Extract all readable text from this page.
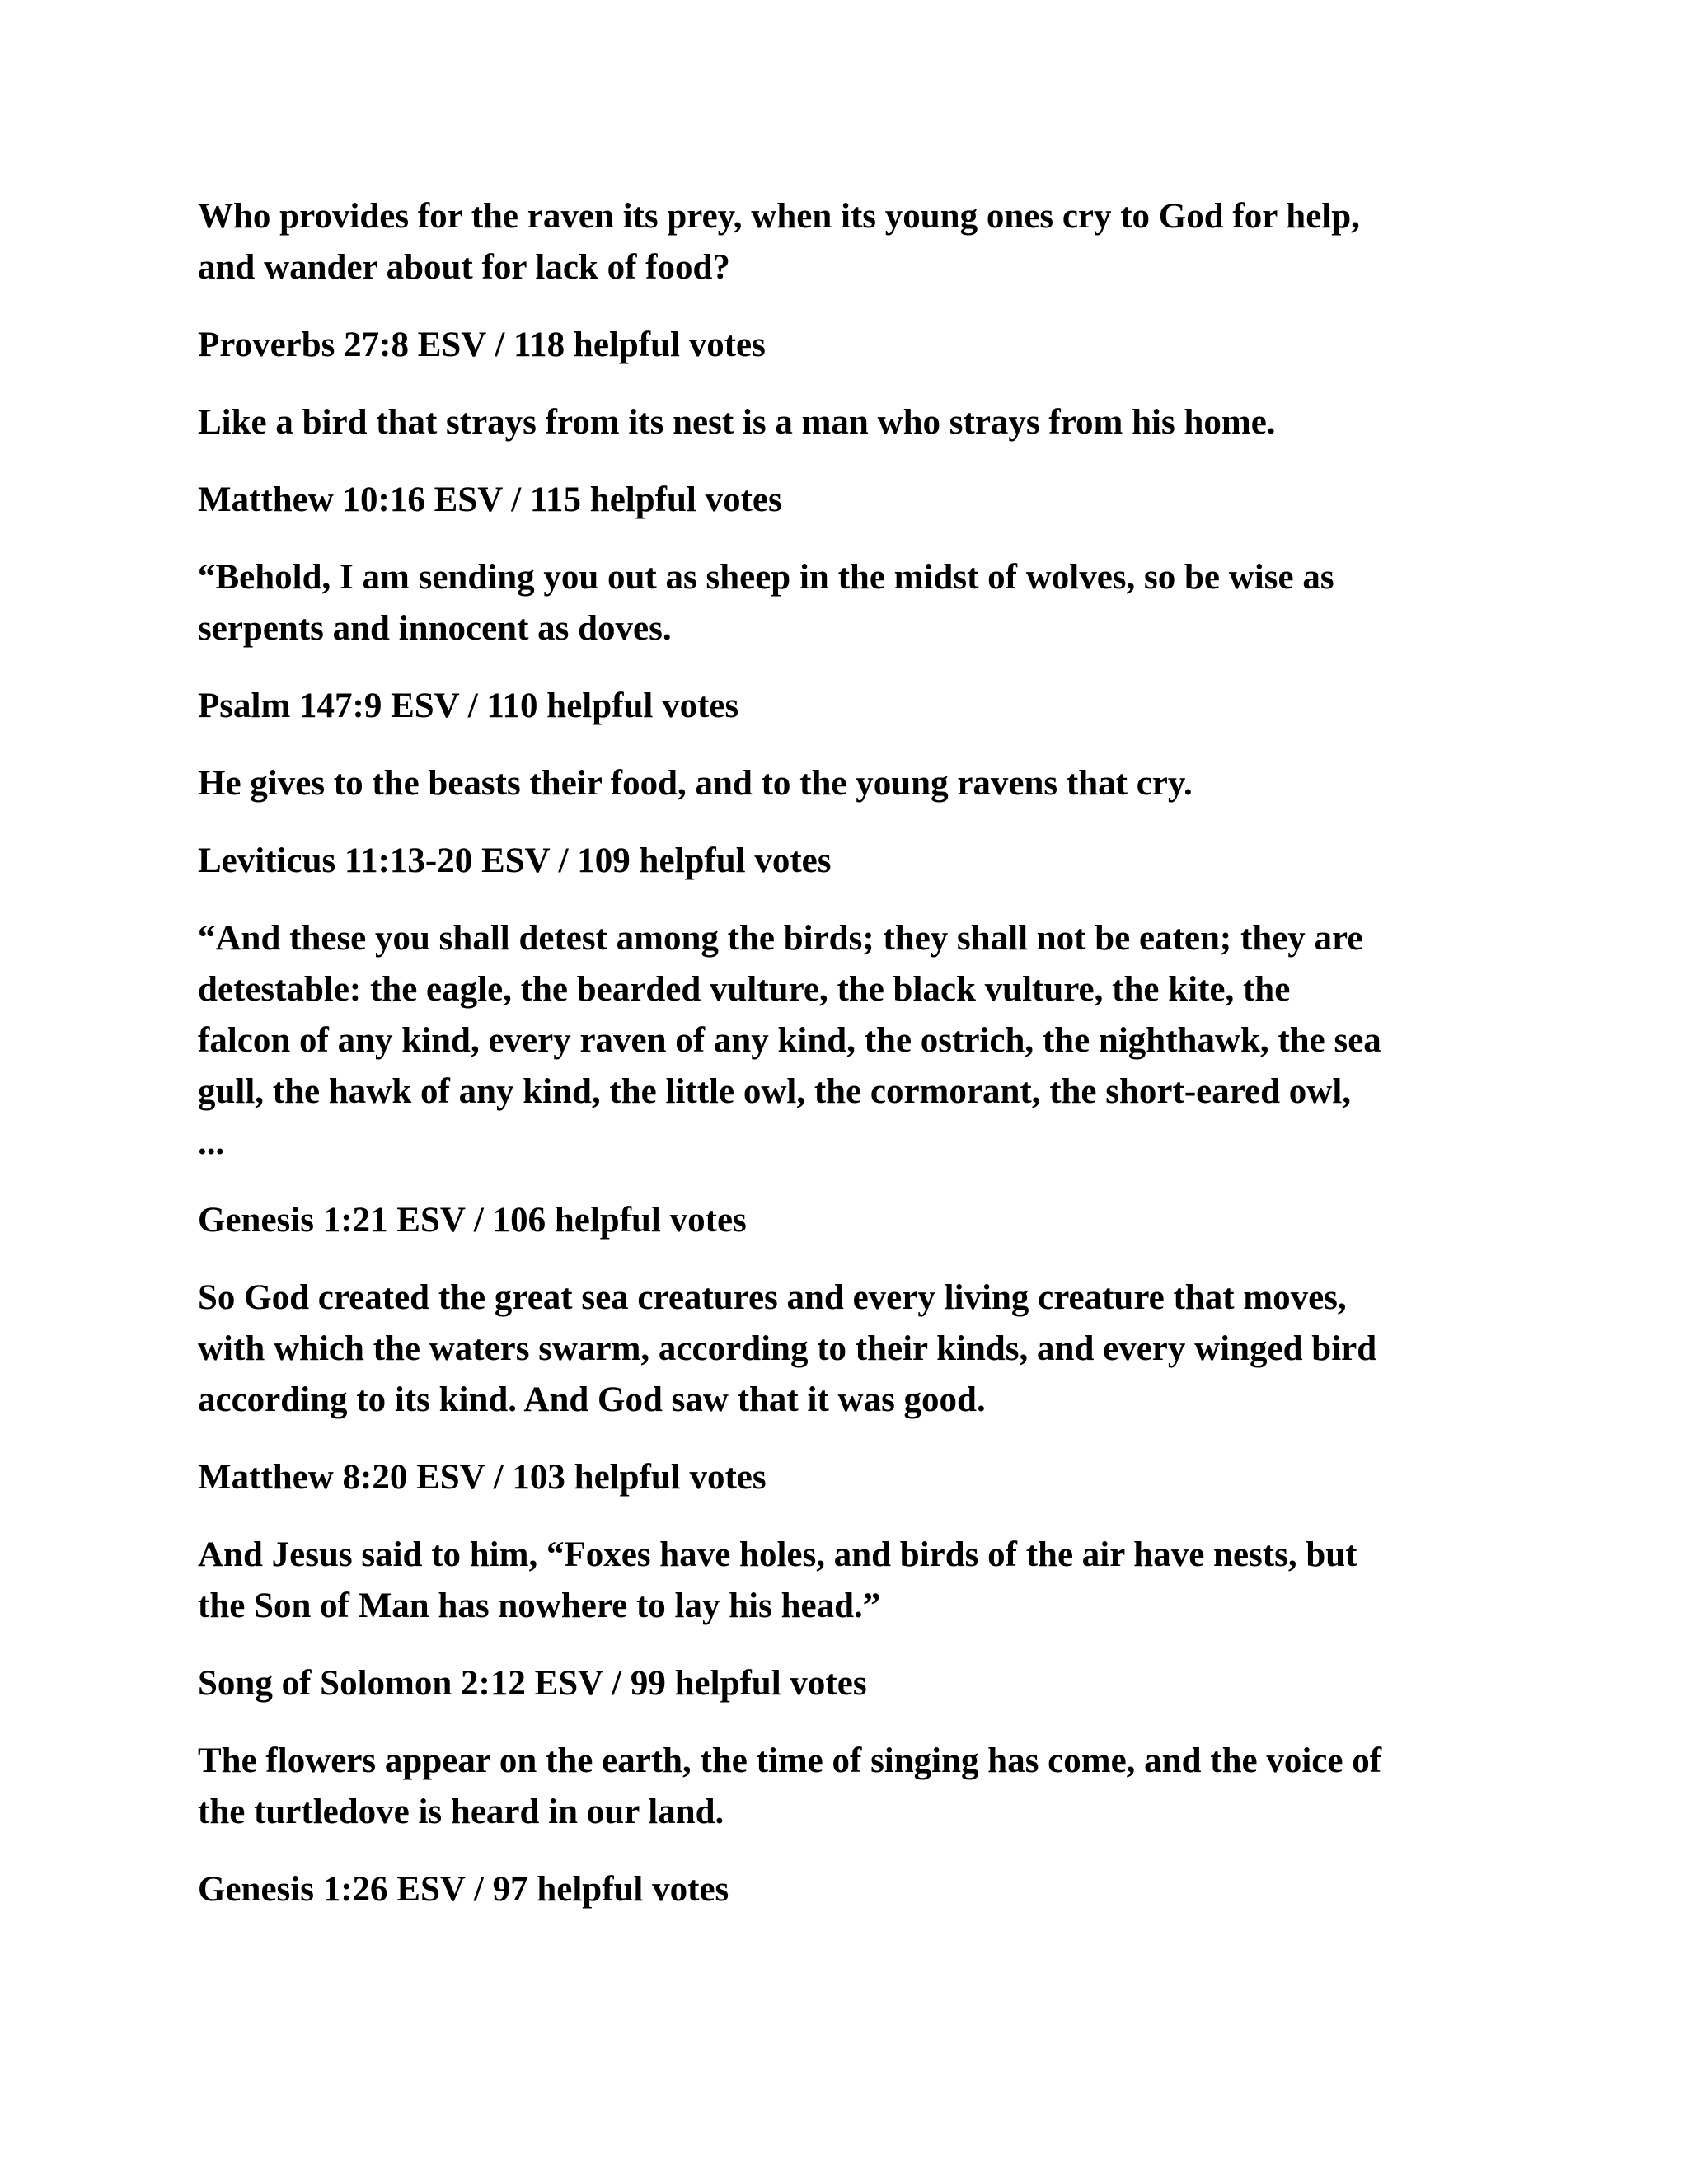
Who provides for the raven its prey, when its young ones cry to God for help,
and wander about for lack of food?

Proverbs 27:8 ESV / 118 helpful votes

Like a bird that strays from its nest is a man who strays from his home.

Matthew 10:16 ESV / 115 helpful votes

“Behold, I am sending you out as sheep in the midst of wolves, so be wise as
serpents and innocent as doves.

Psalm 147:9 ESV / 110 helpful votes

He gives to the beasts their food, and to the young ravens that cry.

Leviticus 11:13-20 ESV / 109 helpful votes

“And these you shall detest among the birds; they shall not be eaten; they are
detestable: the eagle, the bearded vulture, the black vulture, the kite, the
falcon of any kind, every raven of any kind, the ostrich, the nighthawk, the sea
gull, the hawk of any kind, the little owl, the cormorant, the short-eared owl,
...

Genesis 1:21 ESV / 106 helpful votes

So God created the great sea creatures and every living creature that moves,
with which the waters swarm, according to their kinds, and every winged bird
according to its kind. And God saw that it was good.

Matthew 8:20 ESV / 103 helpful votes

And Jesus said to him, “Foxes have holes, and birds of the air have nests, but
the Son of Man has nowhere to lay his head.”

Song of Solomon 2:12 ESV / 99 helpful votes

The flowers appear on the earth, the time of singing has come, and the voice of
the turtledove is heard in our land.

Genesis 1:26 ESV / 97 helpful votes
